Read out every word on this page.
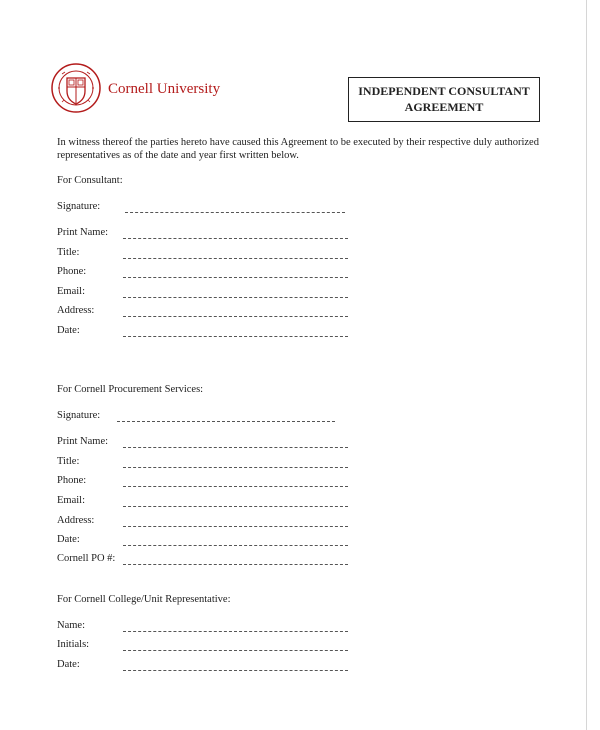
Cornell University	INDEPENDENT CONSULTANT
AGREEMENT
In witness thereof the parties hereto have caused this Agreement to be executed by their respective duly authorized representatives as of the date and year first written below.
For Consultant:
Signature:
Print Name:
Title:
Phone:
Email:
Address:
Date:
For Cornell Procurement Services:
Signature:
Print Name:
Title:
Phone:
Email:
Address:
Date:
Cornell PO #:
For Cornell College/Unit Representative:
Name:
Initials:
Date:
